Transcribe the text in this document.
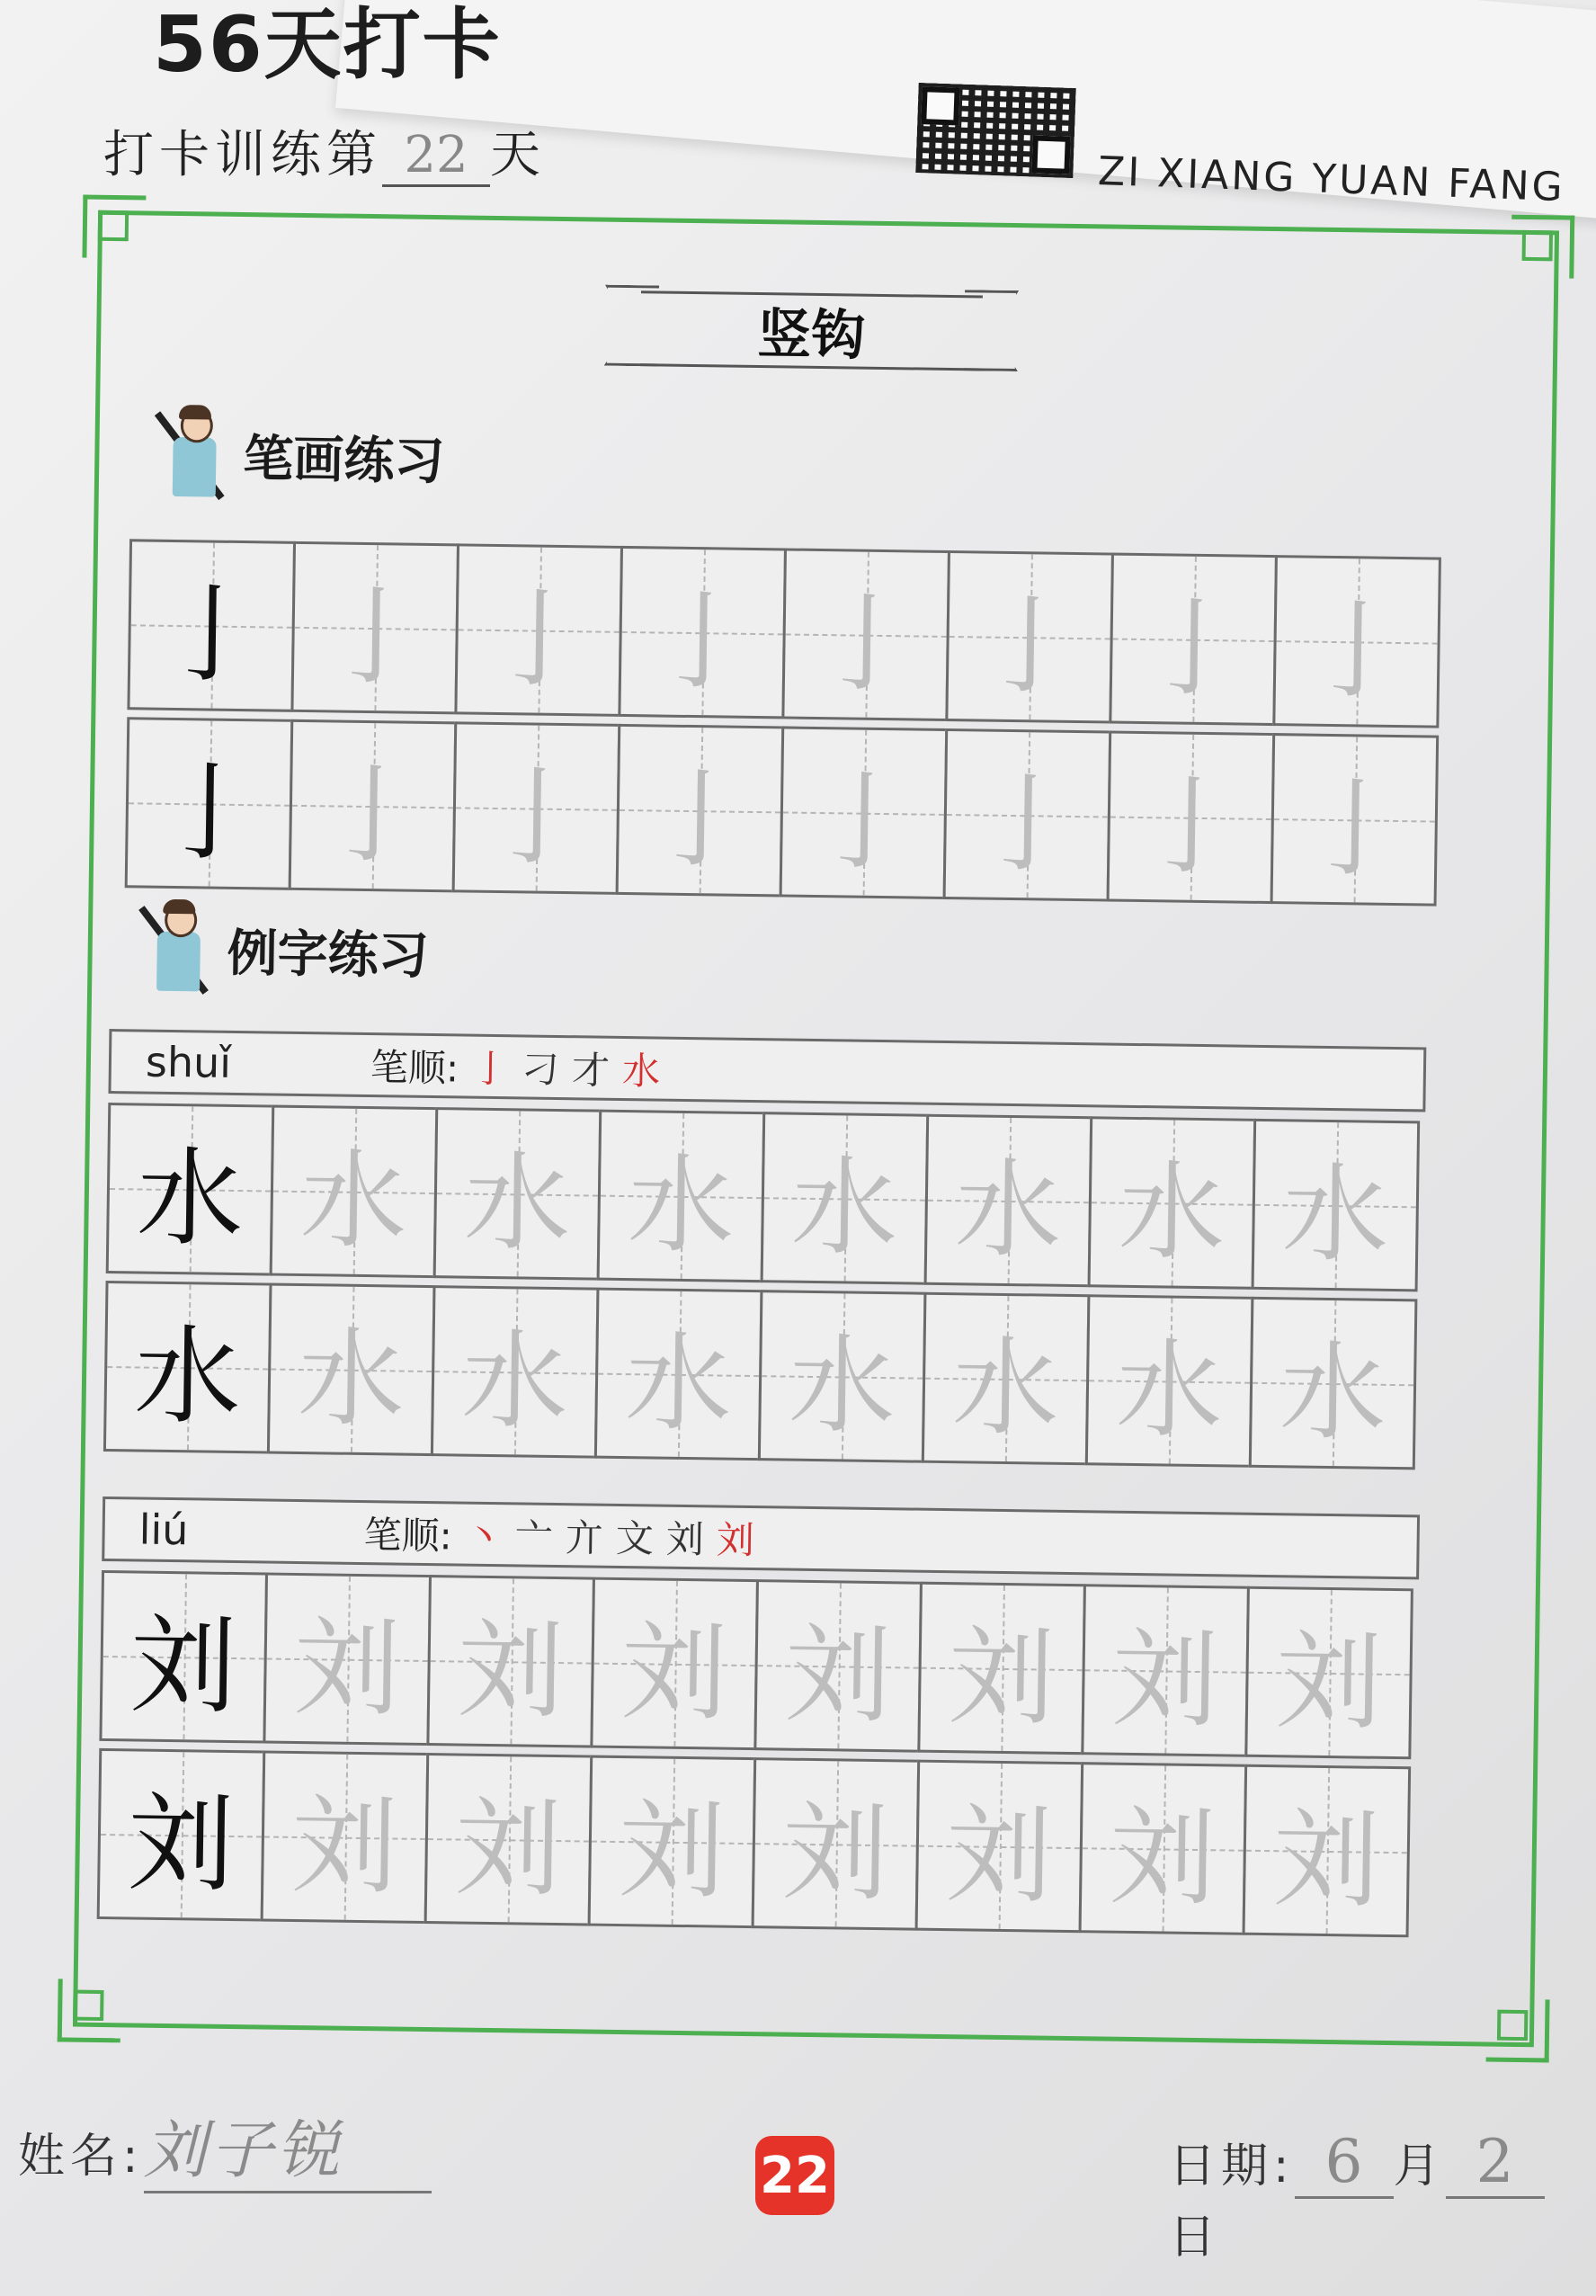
56天打卡
打卡训练第 22 天	ZI XIANG YUAN FANG
竖钩
笔画练习
亅 亅 亅 亅 亅 亅 亅 亅
亅 亅 亅 亅 亅 亅 亅 亅
例字练习
shuǐ	笔顺: 亅刁才水
水 水 水 水 水 水 水 水
水 水 水 水 水 水 水 水
liú	笔顺: 丶亠亣文刘刘
刘 刘 刘 刘 刘 刘 刘 刘
刘 刘 刘 刘 刘 刘 刘 刘
姓名:刘子锐	22	日期: 6 月 2日
